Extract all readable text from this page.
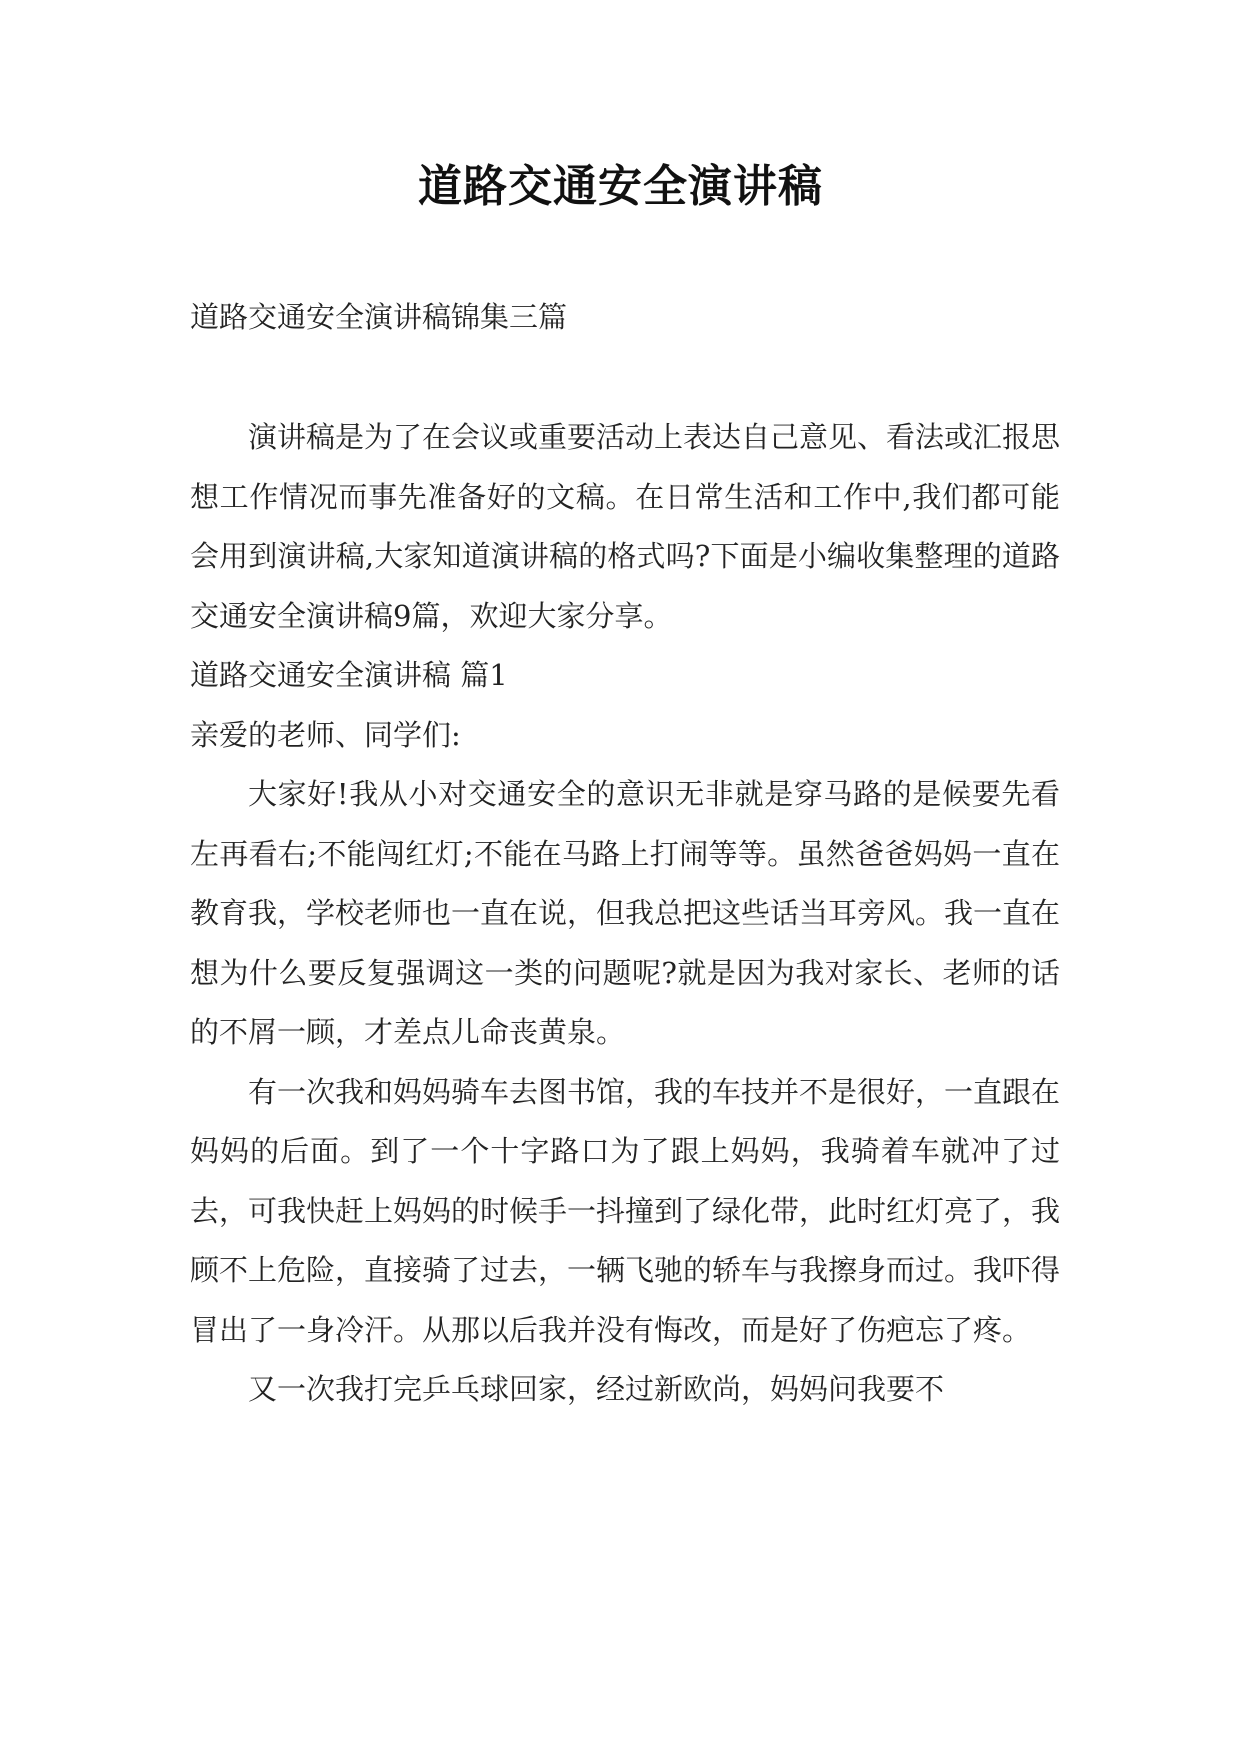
道路交通安全演讲稿
道路交通安全演讲稿锦集三篇

演讲稿是为了在会议或重要活动上表达自己意见、看法或汇报思想工作情况而事先准备好的文稿。在日常生活和工作中,我们都可能会用到演讲稿,大家知道演讲稿的格式吗?下面是小编收集整理的道路交通安全演讲稿9篇，欢迎大家分享。

道路交通安全演讲稿 篇1

亲爱的老师、同学们:

大家好!我从小对交通安全的意识无非就是穿马路的是候要先看左再看右;不能闯红灯;不能在马路上打闹等等。虽然爸爸妈妈一直在教育我，学校老师也一直在说，但我总把这些话当耳旁风。我一直在想为什么要反复强调这一类的问题呢?就是因为我对家长、老师的话的不屑一顾，才差点儿命丧黄泉。

有一次我和妈妈骑车去图书馆，我的车技并不是很好，一直跟在妈妈的后面。到了一个十字路口为了跟上妈妈，我骑着车就冲了过去，可我快赶上妈妈的时候手一抖撞到了绿化带，此时红灯亮了，我顾不上危险，直接骑了过去，一辆飞驰的轿车与我擦身而过。我吓得冒出了一身冷汗。从那以后我并没有悔改，而是好了伤疤忘了疼。

又一次我打完乒乓球回家，经过新欧尚，妈妈问我要不
